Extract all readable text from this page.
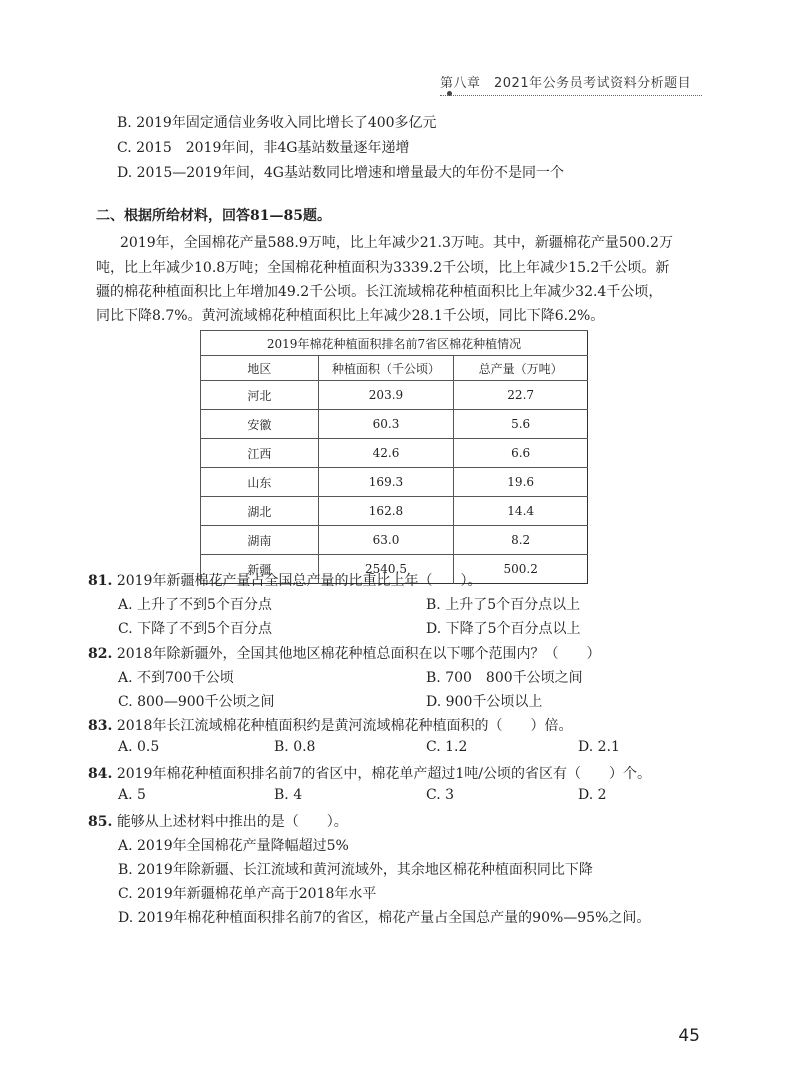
第八章　2021年公务员考试资料分析题目
B. 2019年固定通信业务收入同比增长了400多亿元
C. 2015　2019年间，非4G基站数量逐年递增
D. 2015—2019年间，4G基站数同比增速和增量最大的年份不是同一个
二、根据所给材料，回答81—85题。
2019年，全国棉花产量588.9万吨，比上年减少21.3万吨。其中，新疆棉花产量500.2万
吨，比上年减少10.8万吨；全国棉花种植面积为3339.2千公顷，比上年减少15.2千公顷。新
疆的棉花种植面积比上年增加49.2千公顷。长江流域棉花种植面积比上年减少32.4千公顷，
同比下降8.7%。黄河流域棉花种植面积比上年减少28.1千公顷，同比下降6.2%。
2019年棉花种植面积排名前7省区棉花种植情况		
地区	种植面积（千公顷）	总产量（万吨）
河北	203.9	22.7
安徽	60.3	5.6
江西	42.6	6.6
山东	169.3	19.6
湖北	162.8	14.4
湖南	63.0	8.2
新疆	2540.5	500.2
81. 2019年新疆棉花产量占全国总产量的比重比上年（　　）。
A. 上升了不到5个百分点	B. 上升了5个百分点以上
C. 下降了不到5个百分点	D. 下降了5个百分点以上
82. 2018年除新疆外，全国其他地区棉花种植总面积在以下哪个范围内？（　　）
A. 不到700千公顷	B. 700　800千公顷之间
C. 800—900千公顷之间	D. 900千公顷以上
83. 2018年长江流域棉花种植面积约是黄河流域棉花种植面积的（　　）倍。
A. 0.5	B. 0.8	C. 1.2	D. 2.1
84. 2019年棉花种植面积排名前7的省区中，棉花单产超过1吨/公顷的省区有（　　）个。
A. 5	B. 4	C. 3	D. 2
85. 能够从上述材料中推出的是（　　）。
A. 2019年全国棉花产量降幅超过5%
B. 2019年除新疆、长江流域和黄河流域外，其余地区棉花种植面积同比下降
C. 2019年新疆棉花单产高于2018年水平
D. 2019年棉花种植面积排名前7的省区，棉花产量占全国总产量的90%—95%之间。
45
